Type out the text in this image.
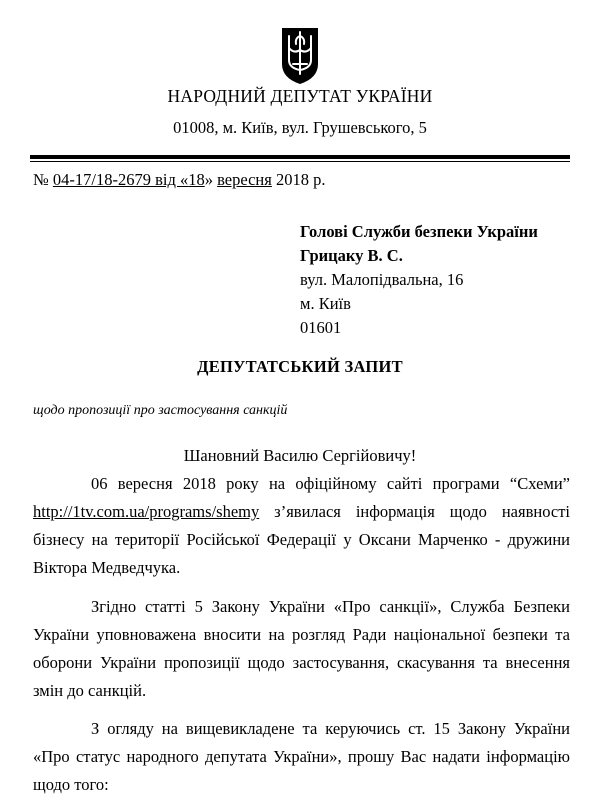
НАРОДНИЙ ДЕПУТАТ УКРАЇНИ
01008, м. Київ, вул. Грушевського, 5
№ 04-17/18-2679 від «18» вересня 2018 р.
Голові Служби безпеки України
Грицаку В. С.
вул. Малопідвальна, 16
м. Київ
01601
ДЕПУТАТСЬКИЙ ЗАПИТ
щодо пропозиції про застосування санкцій
Шановний Василю Сергійовичу!
06 вересня 2018 року на офіційному сайті програми “Схеми” http://1tv.com.ua/programs/shemy з’явилася інформація щодо наявності бізнесу на території Російської Федерації у Оксани Марченко - дружини Віктора Медведчука.
Згідно статті 5 Закону України «Про санкції», Служба Безпеки України уповноважена вносити на розгляд Ради національної безпеки та оборони України пропозиції щодо застосування, скасування та внесення змін до санкцій.
З огляду на вищевикладене та керуючись ст. 15 Закону України «Про статус народного депутата України», прошу Вас надати інформацію щодо того:
